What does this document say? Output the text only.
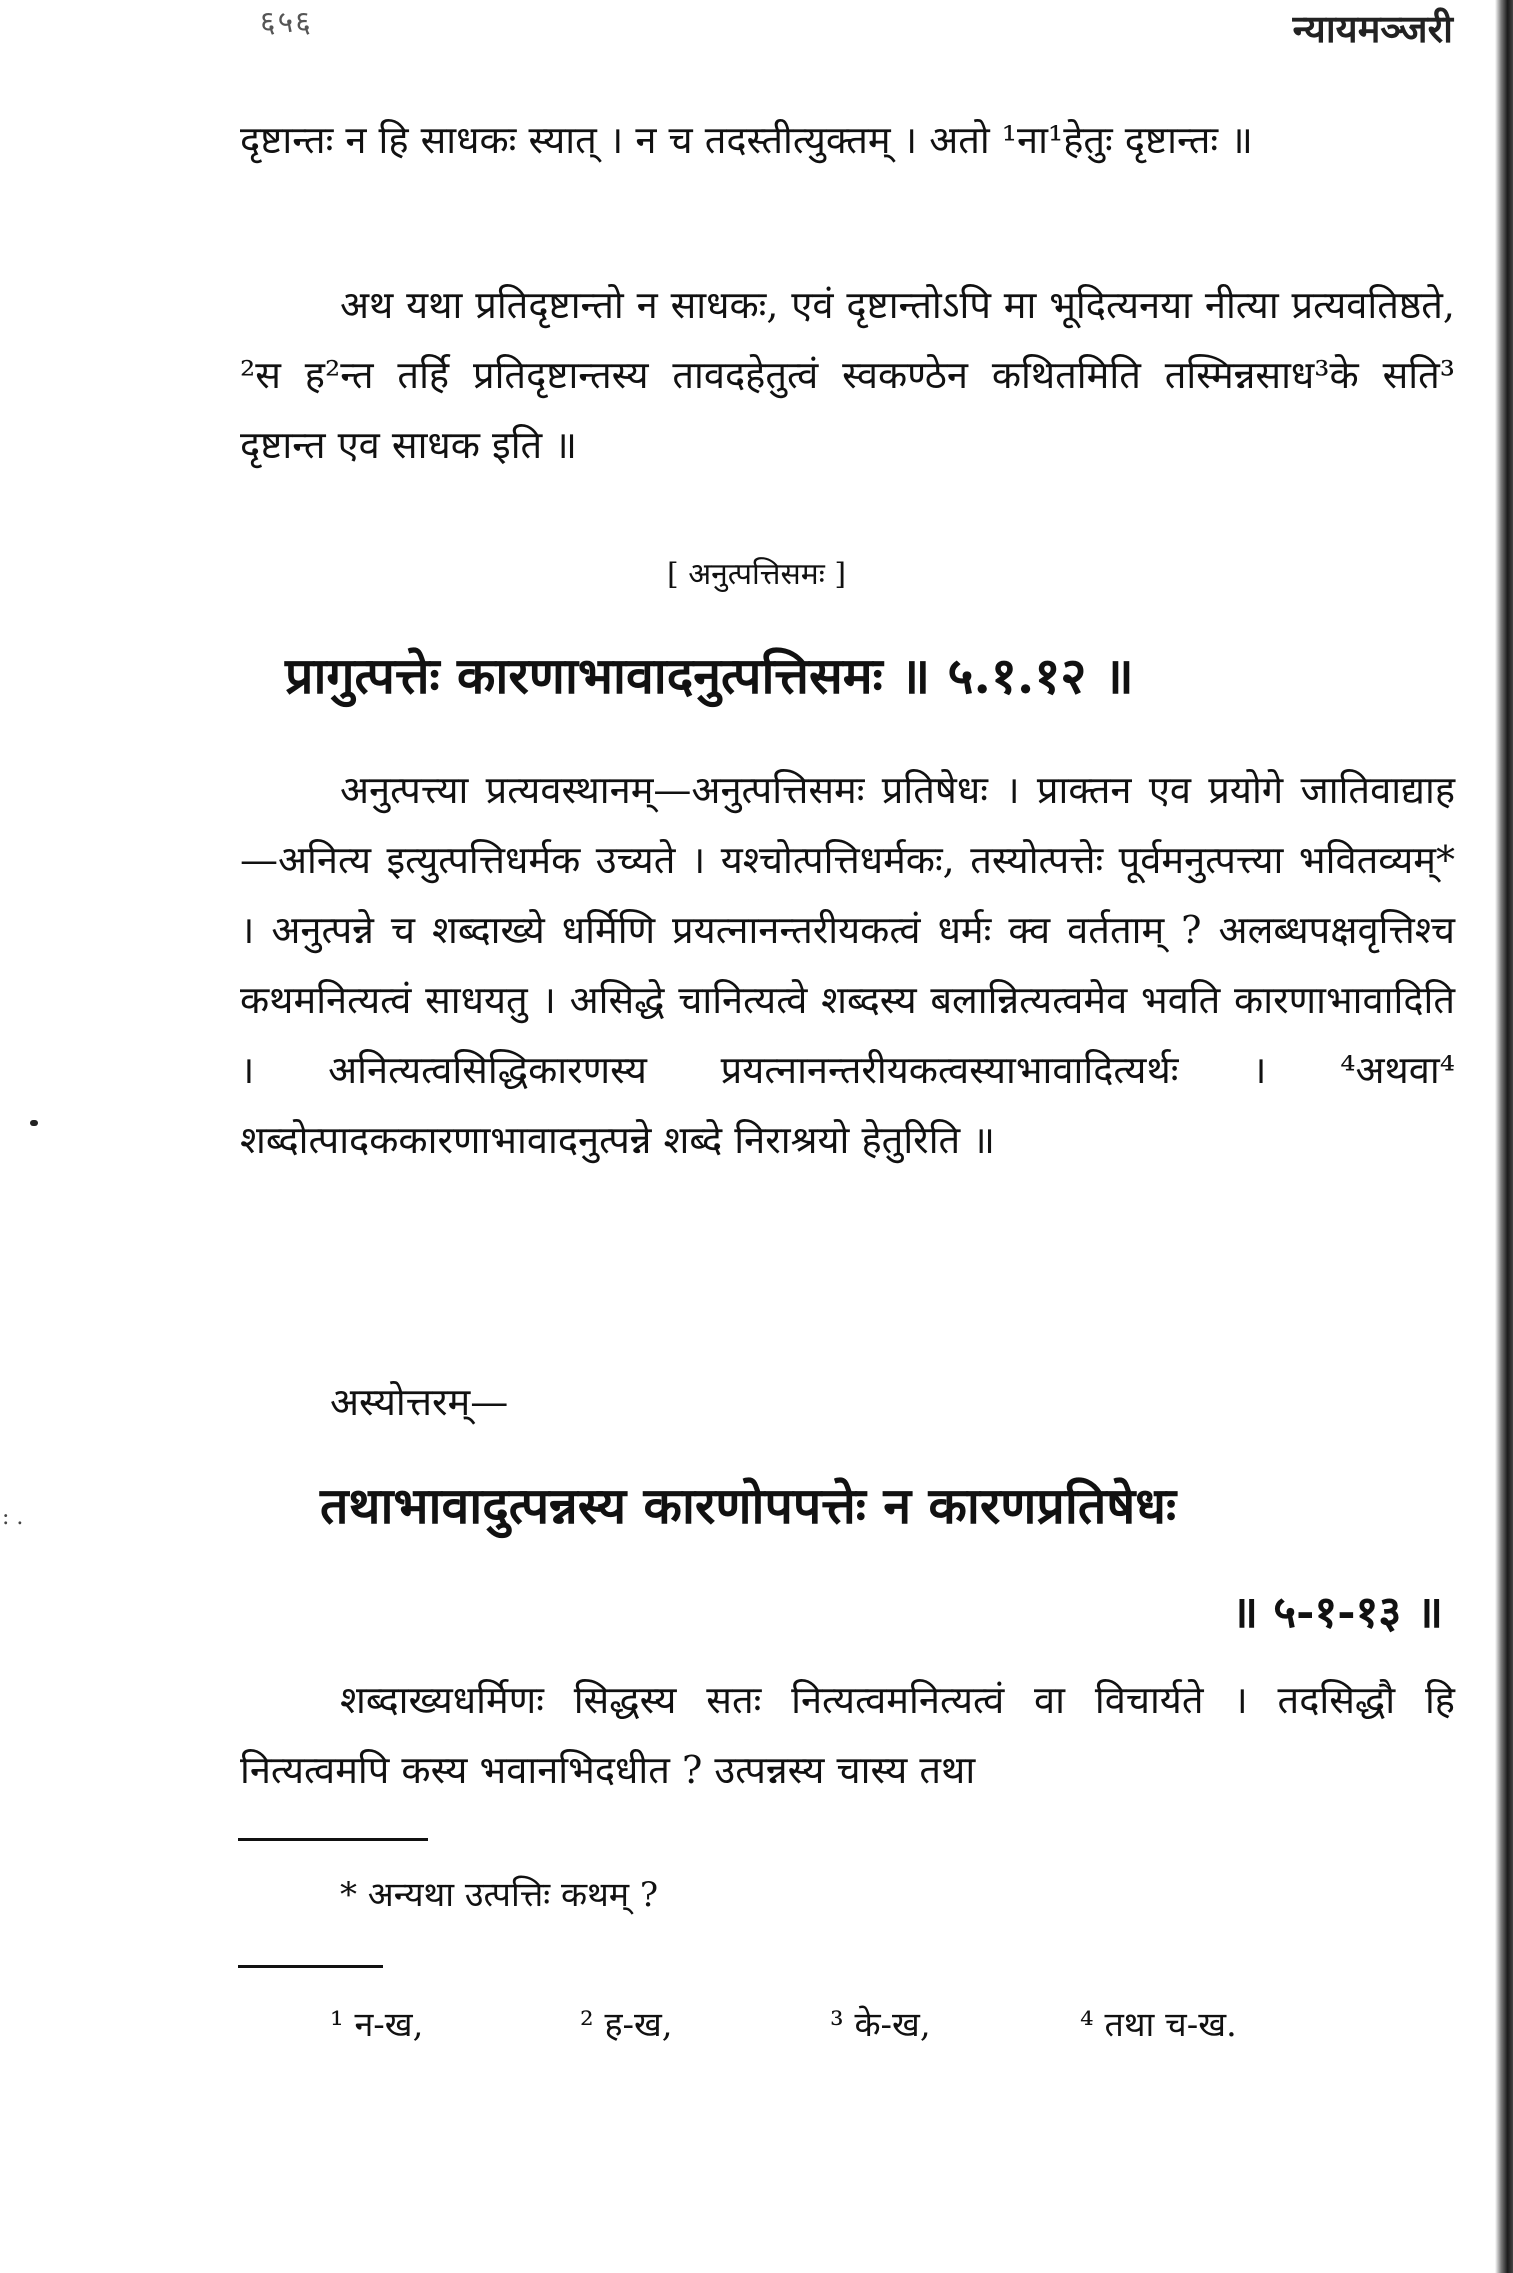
६५६	न्यायमञ्जरी
: .

दृष्टान्तः न हि साधकः स्यात् । न च तदस्तीत्युक्तम् । अतो ¹ना¹हेतुः दृष्टान्तः ॥

अथ यथा प्रतिदृष्टान्तो न साधकः, एवं दृष्टान्तोऽपि मा भूदित्यनया नीत्या प्रत्यवतिष्ठते, ²स ह²न्त तर्हि प्रतिदृष्टान्तस्य तावदहेतुत्वं स्वकण्ठेन कथितमिति तस्मिन्नसाध³के सति³ दृष्टान्त एव साधक इति ॥

[ अनुत्पत्तिसमः ]

प्रागुत्पत्तेः कारणाभावादनुत्पत्तिसमः ॥ ५.१.१२ ॥

अनुत्पत्त्या प्रत्यवस्थानम्—अनुत्पत्तिसमः प्रतिषेधः । प्राक्तन एव प्रयोगे जातिवाद्याह—अनित्य इत्युत्पत्तिधर्मक उच्यते । यश्चोत्पत्तिधर्मकः, तस्योत्पत्तेः पूर्वमनुत्पत्त्या भवितव्यम्* । अनुत्पन्ने च शब्दाख्ये धर्मिणि प्रयत्नानन्तरीयकत्वं धर्मः क्व वर्तताम् ? अलब्धपक्षवृत्तिश्च कथमनित्यत्वं साधयतु । असिद्धे चानित्यत्वे शब्दस्य बलान्नित्यत्वमेव भवति कारणाभावादिति । अनित्यत्वसिद्धिकारणस्य प्रयत्नानन्तरीयकत्वस्याभावादित्यर्थः । ⁴अथवा⁴ शब्दोत्पादककारणाभावादनुत्पन्ने शब्दे निराश्रयो हेतुरिति ॥

अस्योत्तरम्—

तथाभावादुत्पन्नस्य कारणोपपत्तेः न कारणप्रतिषेधः

॥ ५-१-१३ ॥

शब्दाख्यधर्मिणः सिद्धस्य सतः नित्यत्वमनित्यत्वं वा विचार्यते । तदसिद्धौ हि नित्यत्वमपि कस्य भवानभिदधीत ? उत्पन्नस्य चास्य तथा

* अन्यथा उत्पत्तिः कथम् ?

¹ न-ख,	² ह-ख,	³ के-ख,	⁴ तथा च-ख.
